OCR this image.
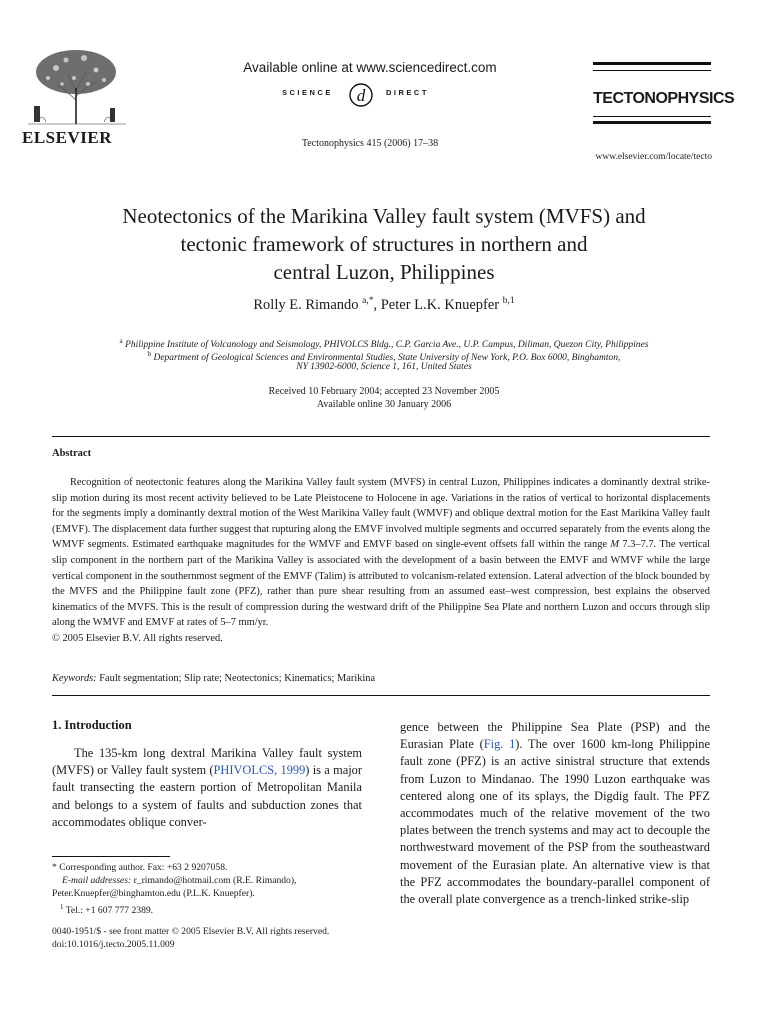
ELSEVIER
Available online at www.sciencedirect.com
SCIENCE d	DIRECT
Tectonophysics 415 (2006) 17–38
TECTONOPHYSICS
www.elsevier.com/locate/tecto
Neotectonics of the Marikina Valley fault system (MVFS) and
tectonic framework of structures in northern and
central Luzon, Philippines
Rolly E. Rimando $^{a,*}$, Peter L.K. Knuepfer $^{b,1}$
$^a$ Philippine Institute of Volcanology and Seismology, PHIVOLCS Bldg., C.P. Garcia Ave., U.P. Campus, Diliman, Quezon City, Philippines
$^b$ Department of Geological Sciences and Environmental Studies, State University of New York, P.O. Box 6000, Binghamton,
NY 13902-6000, Science 1, 161, United States
Received 10 February 2004; accepted 23 November 2005
Available online 30 January 2006
Abstract
Recognition of neotectonic features along the Marikina Valley fault system (MVFS) in central Luzon, Philippines indicates a dominantly dextral strike-slip motion during its most recent activity believed to be Late Pleistocene to Holocene in age. Variations in the ratios of vertical to horizontal displacements for the segments imply a dominantly dextral motion of the West Marikina Valley fault (WMVF) and oblique dextral motion for the East Marikina Valley fault (EMVF). The displacement data further suggest that rupturing along the EMVF involved multiple segments and occurred separately from the events along the WMVF segments. Estimated earthquake magnitudes for the WMVF and EMVF based on single-event offsets fall within the range M 7.3–7.7. The vertical slip component in the northern part of the Marikina Valley is associated with the development of a basin between the EMVF and WMVF while the large vertical component in the southernmost segment of the EMVF (Talim) is attributed to volcanism-related extension. Lateral advection of the block bounded by the MVFS and the Philippine fault zone (PFZ), rather than pure shear resulting from an assumed east–west compression, best explains the observed kinematics of the MVFS. This is the result of compression during the westward drift of the Philippine Sea Plate and northern Luzon and occurs through slip along the WMVF and EMVF at rates of 5–7 mm/yr.
© 2005 Elsevier B.V. All rights reserved.
Keywords: Fault segmentation; Slip rate; Neotectonics; Kinematics; Marikina
1. Introduction
The 135-km long dextral Marikina Valley fault system (MVFS) or Valley fault system (PHIVOLCS, 1999) is a major fault transecting the eastern portion of Metropolitan Manila and belongs to a system of faults and subduction zones that accommodates oblique conver-
gence between the Philippine Sea Plate (PSP) and the Eurasian Plate (Fig. 1). The over 1600 km-long Philippine fault zone (PFZ) is an active sinistral structure that extends from Luzon to Mindanao. The 1990 Luzon earthquake was centered along one of its splays, the Digdig fault. The PFZ accommodates much of the relative movement of the two plates between the trench systems and may act to decouple the northwestward movement of the PSP from the southeastward movement of the Eurasian plate. An alternative view is that the PFZ accommodates the boundary-parallel component of the overall plate convergence as a trench-linked strike-slip
* Corresponding author. Fax: +63 2 9207058.
E-mail addresses: r_rimando@hotmail.com (R.E. Rimando),
Peter.Knuepfer@binghamton.edu (P.L.K. Knuepfer).
$^1$ Tel.: +1 607 777 2389.
0040-1951/$ - see front matter © 2005 Elsevier B.V. All rights reserved.
doi:10.1016/j.tecto.2005.11.009
